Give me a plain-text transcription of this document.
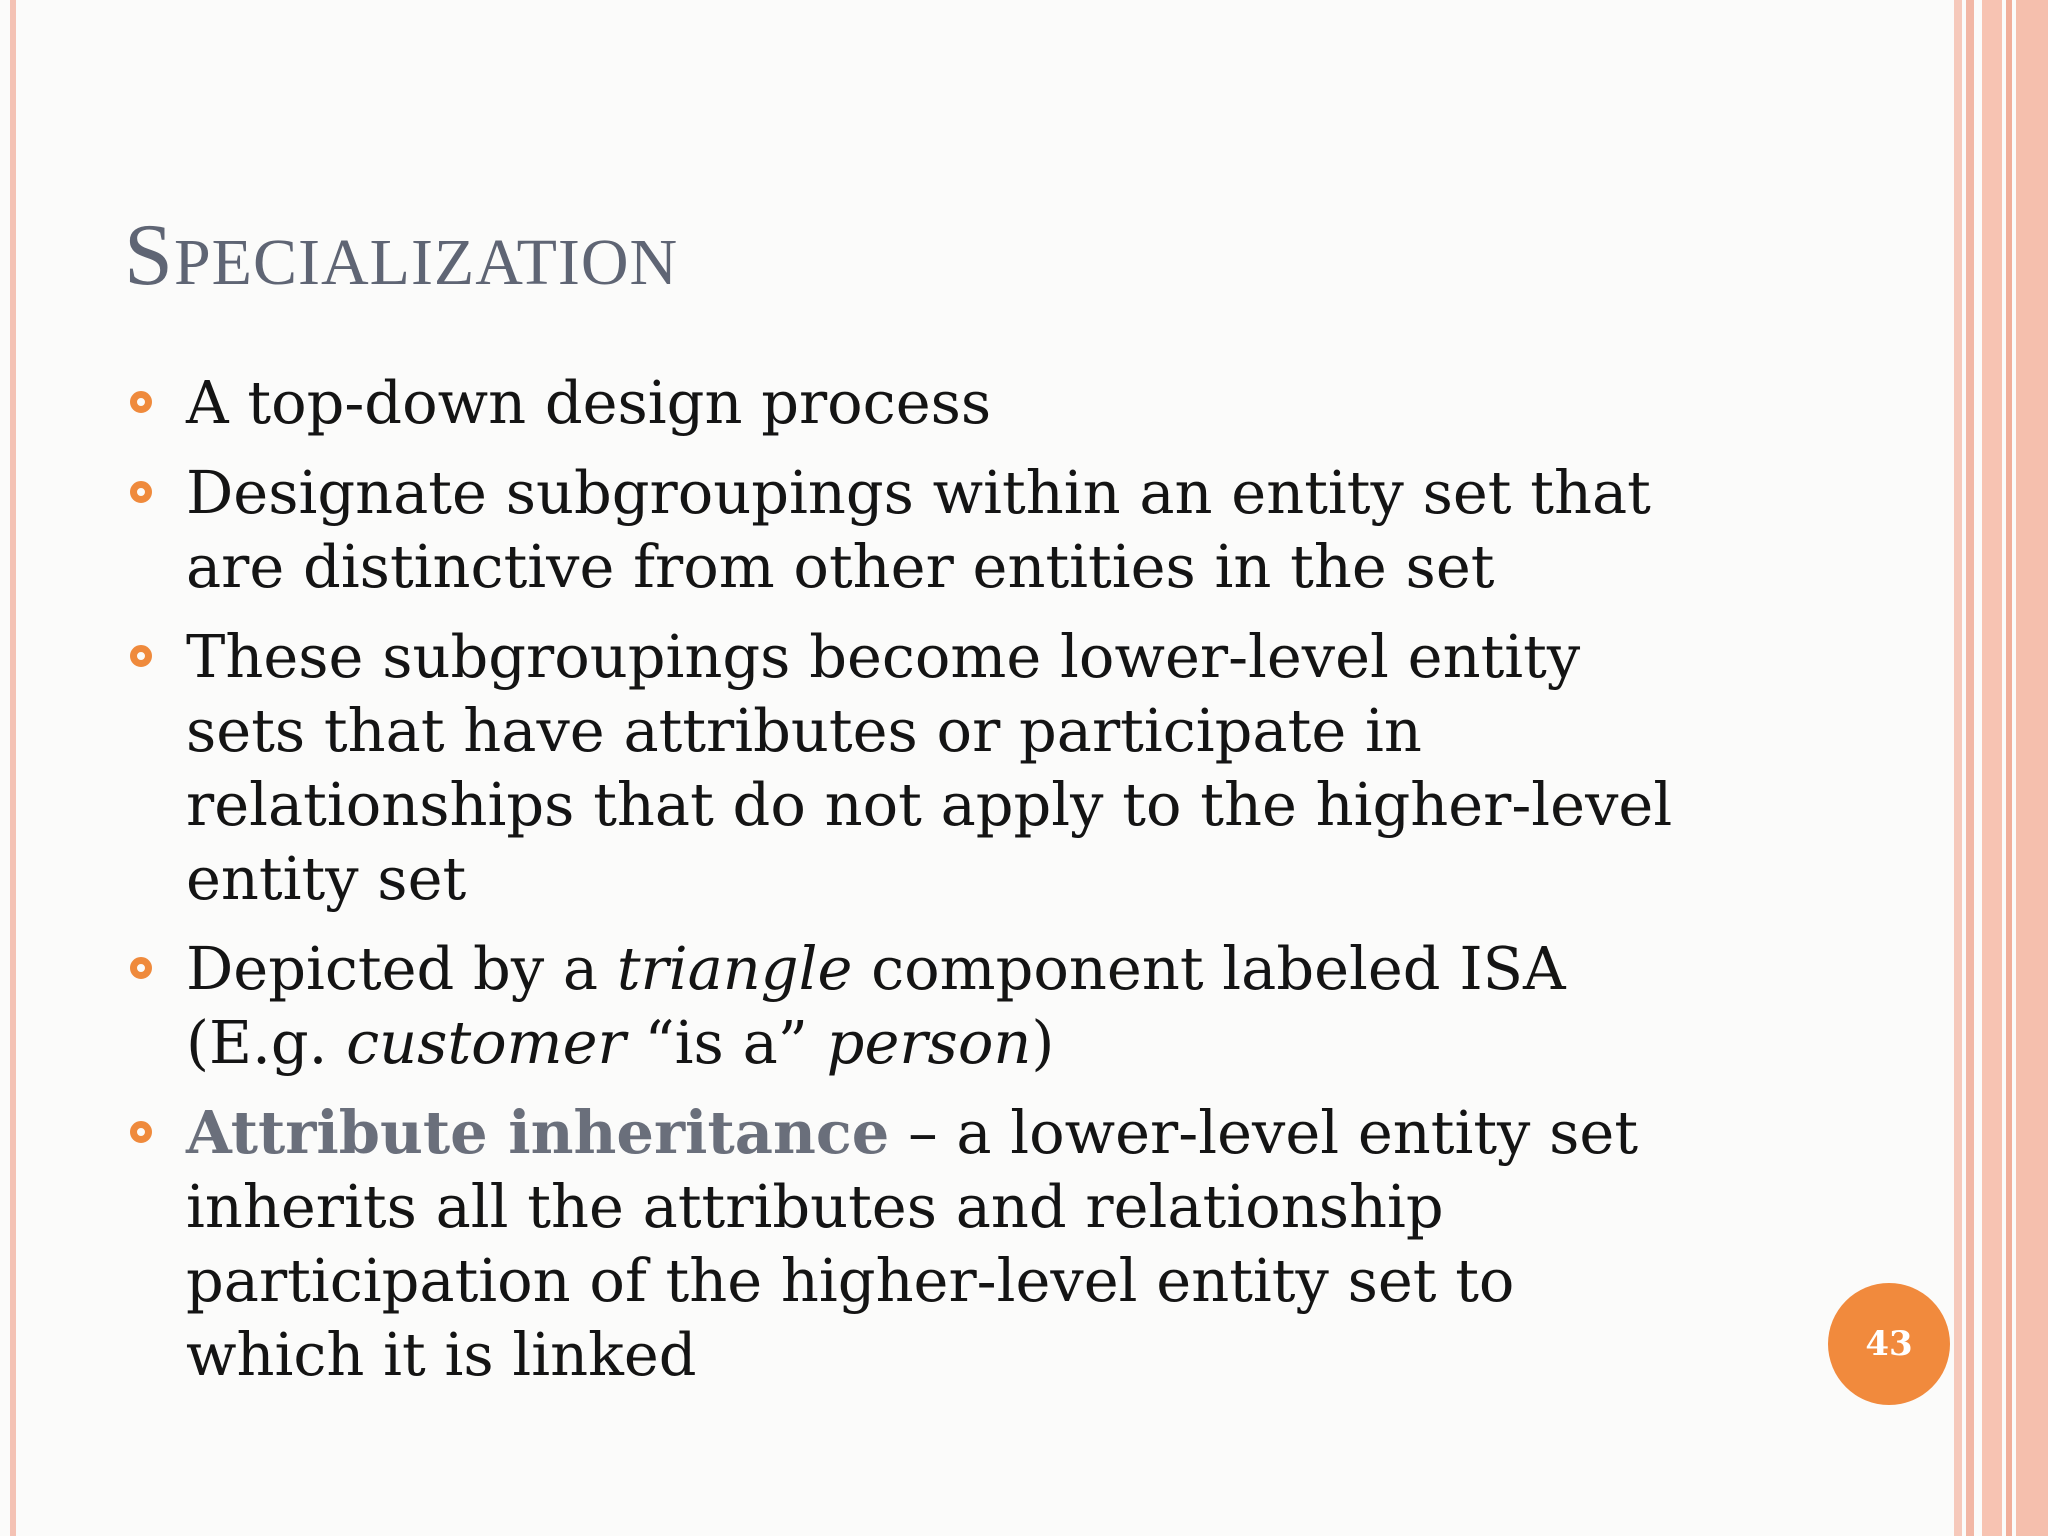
SPECIALIZATION
A top-down design process
Designate subgroupings within an entity set that
are distinctive from other entities in the set
These subgroupings become lower-level entity
sets that have attributes or participate in
relationships that do not apply to the higher-level
entity set
Depicted by a triangle component labeled ISA
(E.g. customer “is a” person)
Attribute inheritance – a lower-level entity set
inherits all the attributes and relationship
participation of the higher-level entity set to
which it is linked	43
